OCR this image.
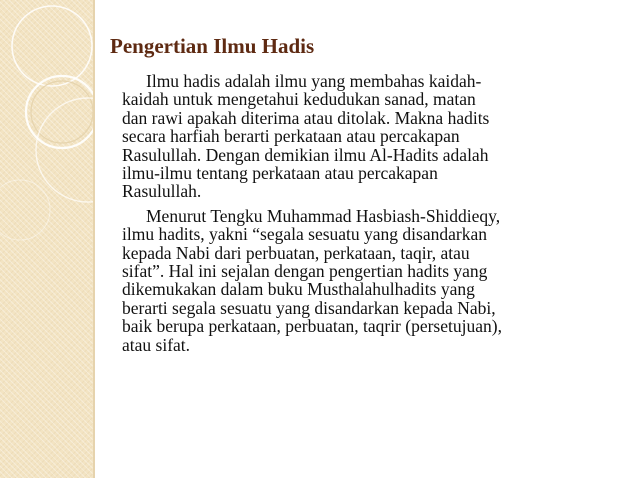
Pengertian Ilmu Hadis

Ilmu hadis adalah ilmu yang membahas kaidah-
kaidah untuk mengetahui kedudukan sanad, matan
dan rawi apakah diterima atau ditolak. Makna hadits
secara harfiah berarti perkataan atau percakapan
Rasulullah. Dengan demikian ilmu Al-Hadits adalah
ilmu-ilmu tentang perkataan atau percakapan
Rasulullah.

Menurut Tengku Muhammad Hasbiash-Shiddieqy,
ilmu hadits, yakni “segala sesuatu yang disandarkan
kepada Nabi dari perbuatan, perkataan, taqir, atau
sifat”. Hal ini sejalan dengan pengertian hadits yang
dikemukakan dalam buku Musthalahulhadits yang
berarti segala sesuatu yang disandarkan kepada Nabi,
baik berupa perkataan, perbuatan, taqrir (persetujuan),
atau sifat.
